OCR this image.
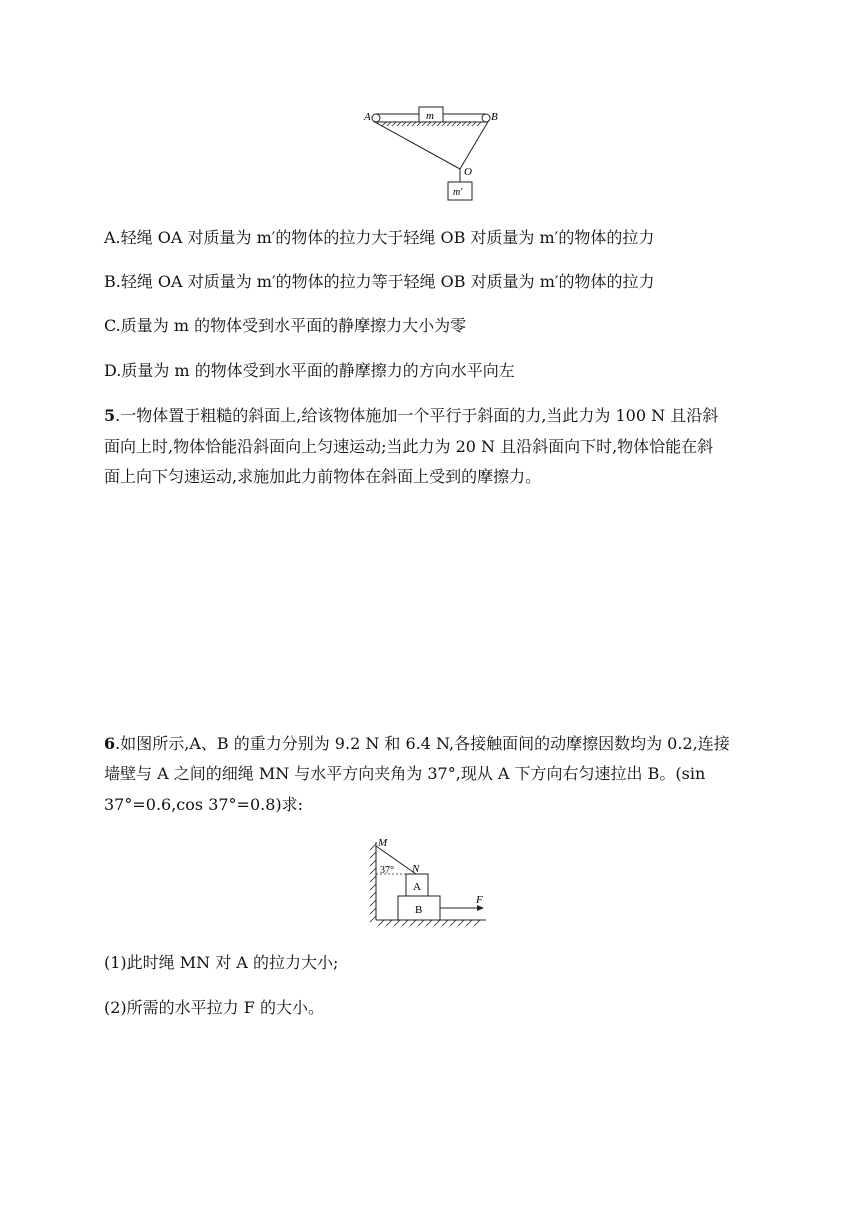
A	B
m
O
m′

A.轻绳 OA 对质量为 m′的物体的拉力大于轻绳 OB 对质量为 m′的物体的拉力

B.轻绳 OA 对质量为 m′的物体的拉力等于轻绳 OB 对质量为 m′的物体的拉力

C.质量为 m 的物体受到水平面的静摩擦力大小为零

D.质量为 m 的物体受到水平面的静摩擦力的方向水平向左

5.一物体置于粗糙的斜面上,给该物体施加一个平行于斜面的力,当此力为 100 N 且沿斜

面向上时,物体恰能沿斜面向上匀速运动;当此力为 20 N 且沿斜面向下时,物体恰能在斜

面上向下匀速运动,求施加此力前物体在斜面上受到的摩擦力。

6.如图所示,A、B 的重力分别为 9.2 N 和 6.4 N,各接触面间的动摩擦因数均为 0.2,连接

墙壁与 A 之间的细绳 MN 与水平方向夹角为 37°,现从 A 下方向右匀速拉出 B。(sin

37°=0.6,cos 37°=0.8)求:

M
N
37°
A
B
F

(1)此时绳 MN 对 A 的拉力大小;

(2)所需的水平拉力 F 的大小。
